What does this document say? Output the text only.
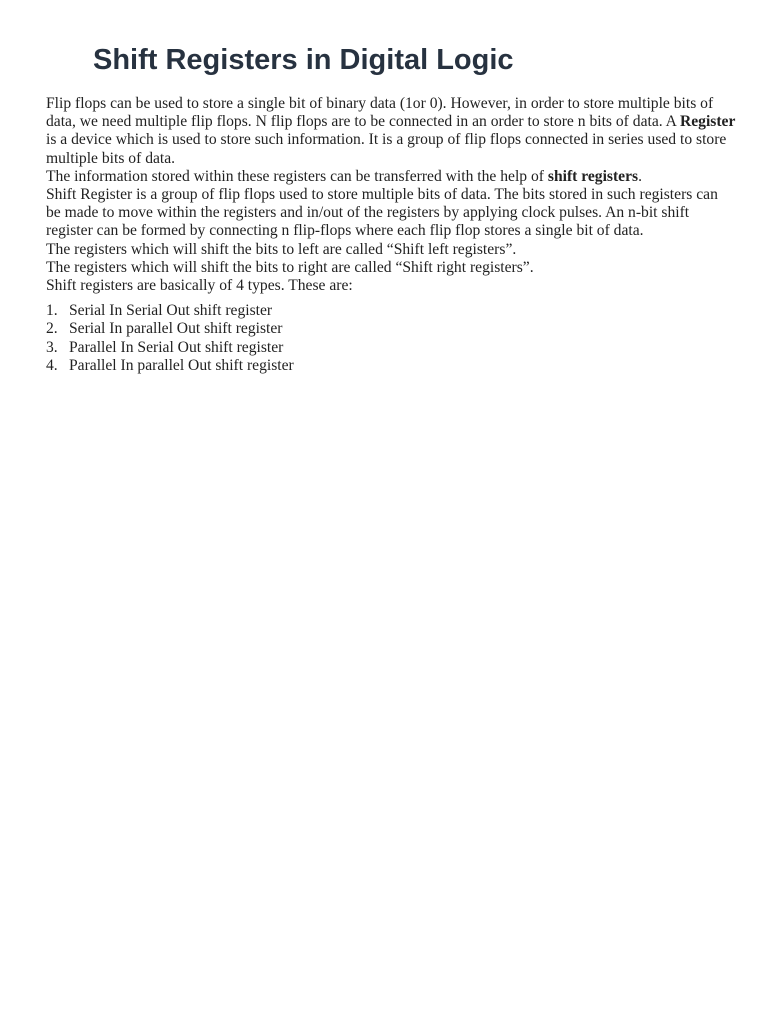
Shift Registers in Digital Logic

Flip flops can be used to store a single bit of binary data (1or 0). However, in order to store multiple bits of data, we need multiple flip flops. N flip flops are to be connected in an order to store n bits of data. A Register is a device which is used to store such information. It is a group of flip flops connected in series used to store multiple bits of data.

The information stored within these registers can be transferred with the help of shift registers.

Shift Register is a group of flip flops used to store multiple bits of data. The bits stored in such registers can be made to move within the registers and in/out of the registers by applying clock pulses. An n-bit shift register can be formed by connecting n flip-flops where each flip flop stores a single bit of data.

The registers which will shift the bits to left are called “Shift left registers”.

The registers which will shift the bits to right are called “Shift right registers”.

Shift registers are basically of 4 types. These are:

1. Serial In Serial Out shift register
2. Serial In parallel Out shift register
3. Parallel In Serial Out shift register
4. Parallel In parallel Out shift register
